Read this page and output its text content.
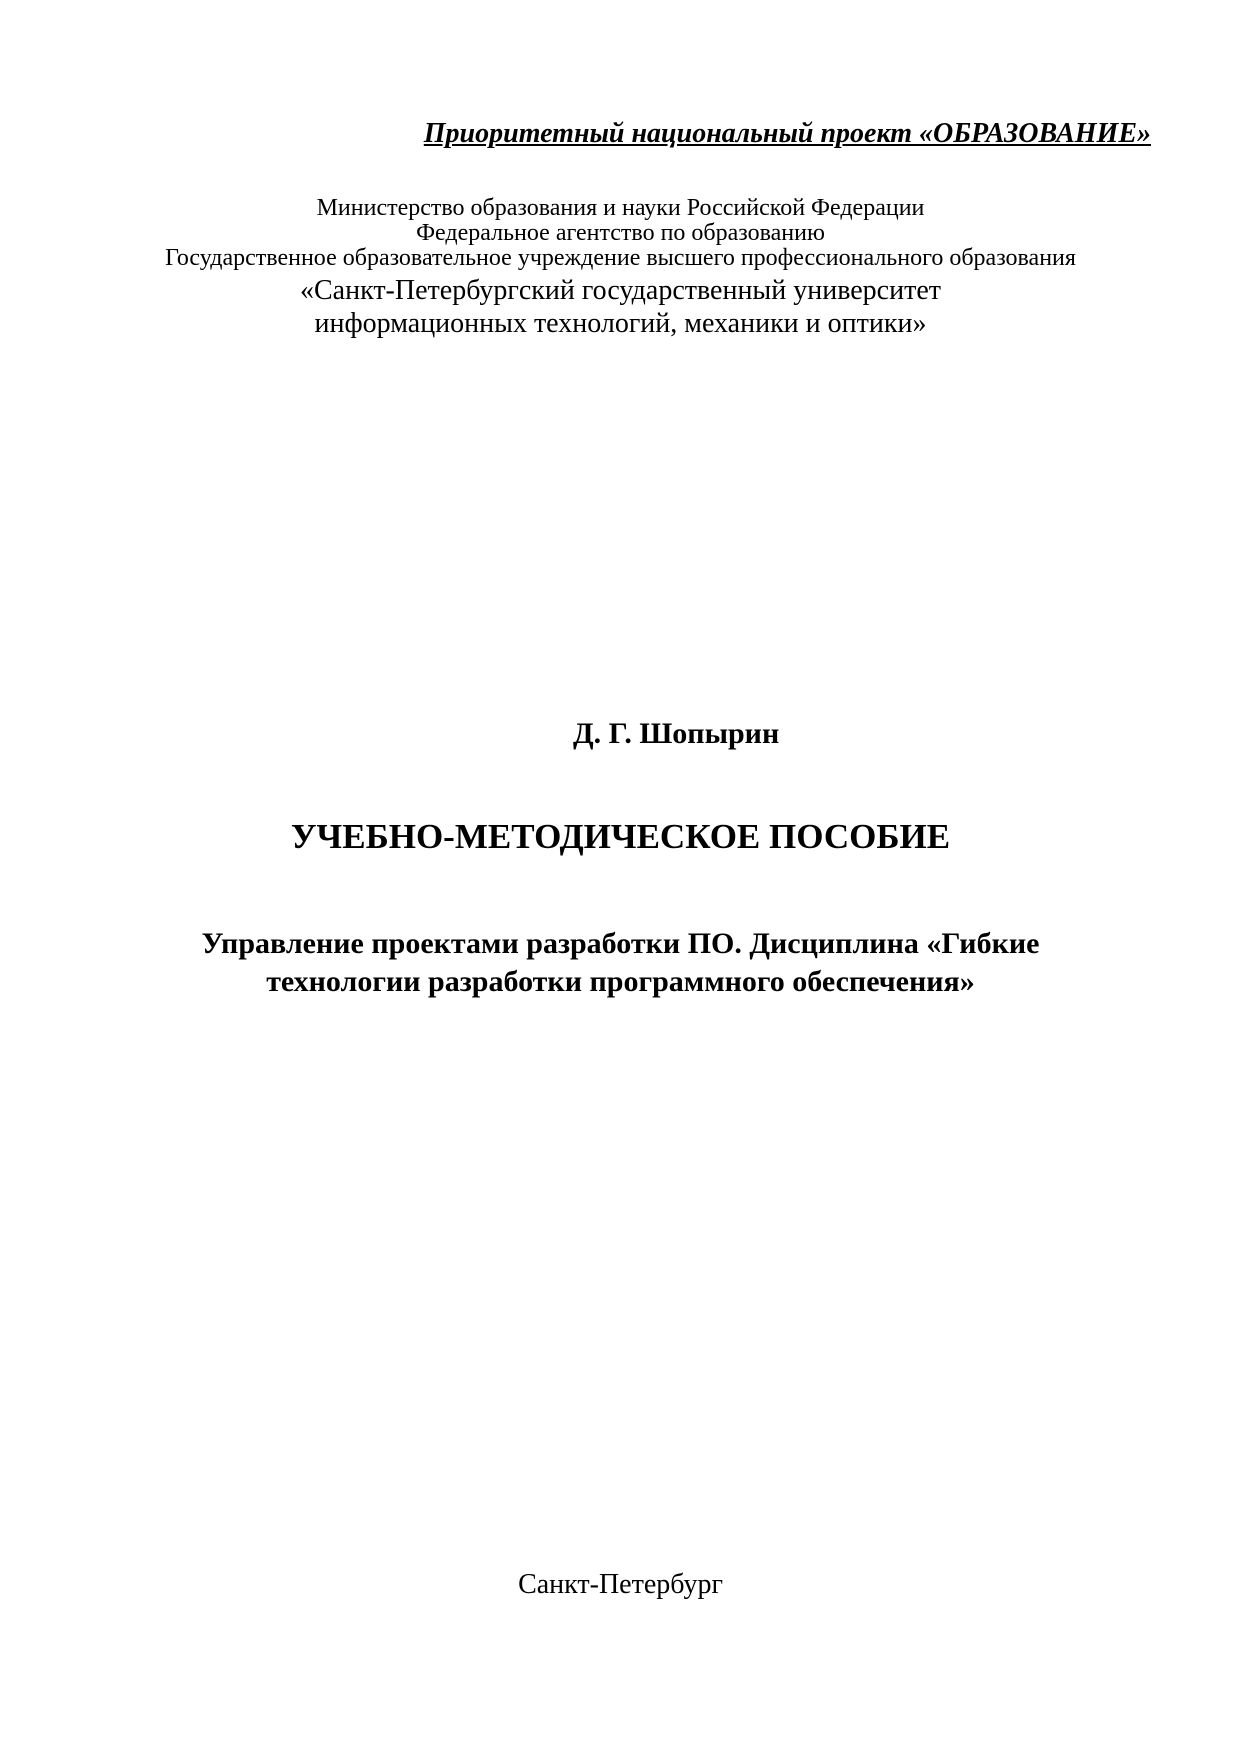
Приоритетный национальный проект «ОБРАЗОВАНИЕ»
Министерство образования и науки Российской Федерации
Федеральное агентство по образованию
Государственное образовательное учреждение высшего профессионального образования
«Санкт-Петербургский государственный университет
информационных технологий, механики и оптики»
Д. Г. Шопырин
УЧЕБНО-МЕТОДИЧЕСКОЕ ПОСОБИЕ
Управление проектами разработки ПО. Дисциплина «Гибкие
технологии разработки программного обеспечения»
Санкт-Петербург
